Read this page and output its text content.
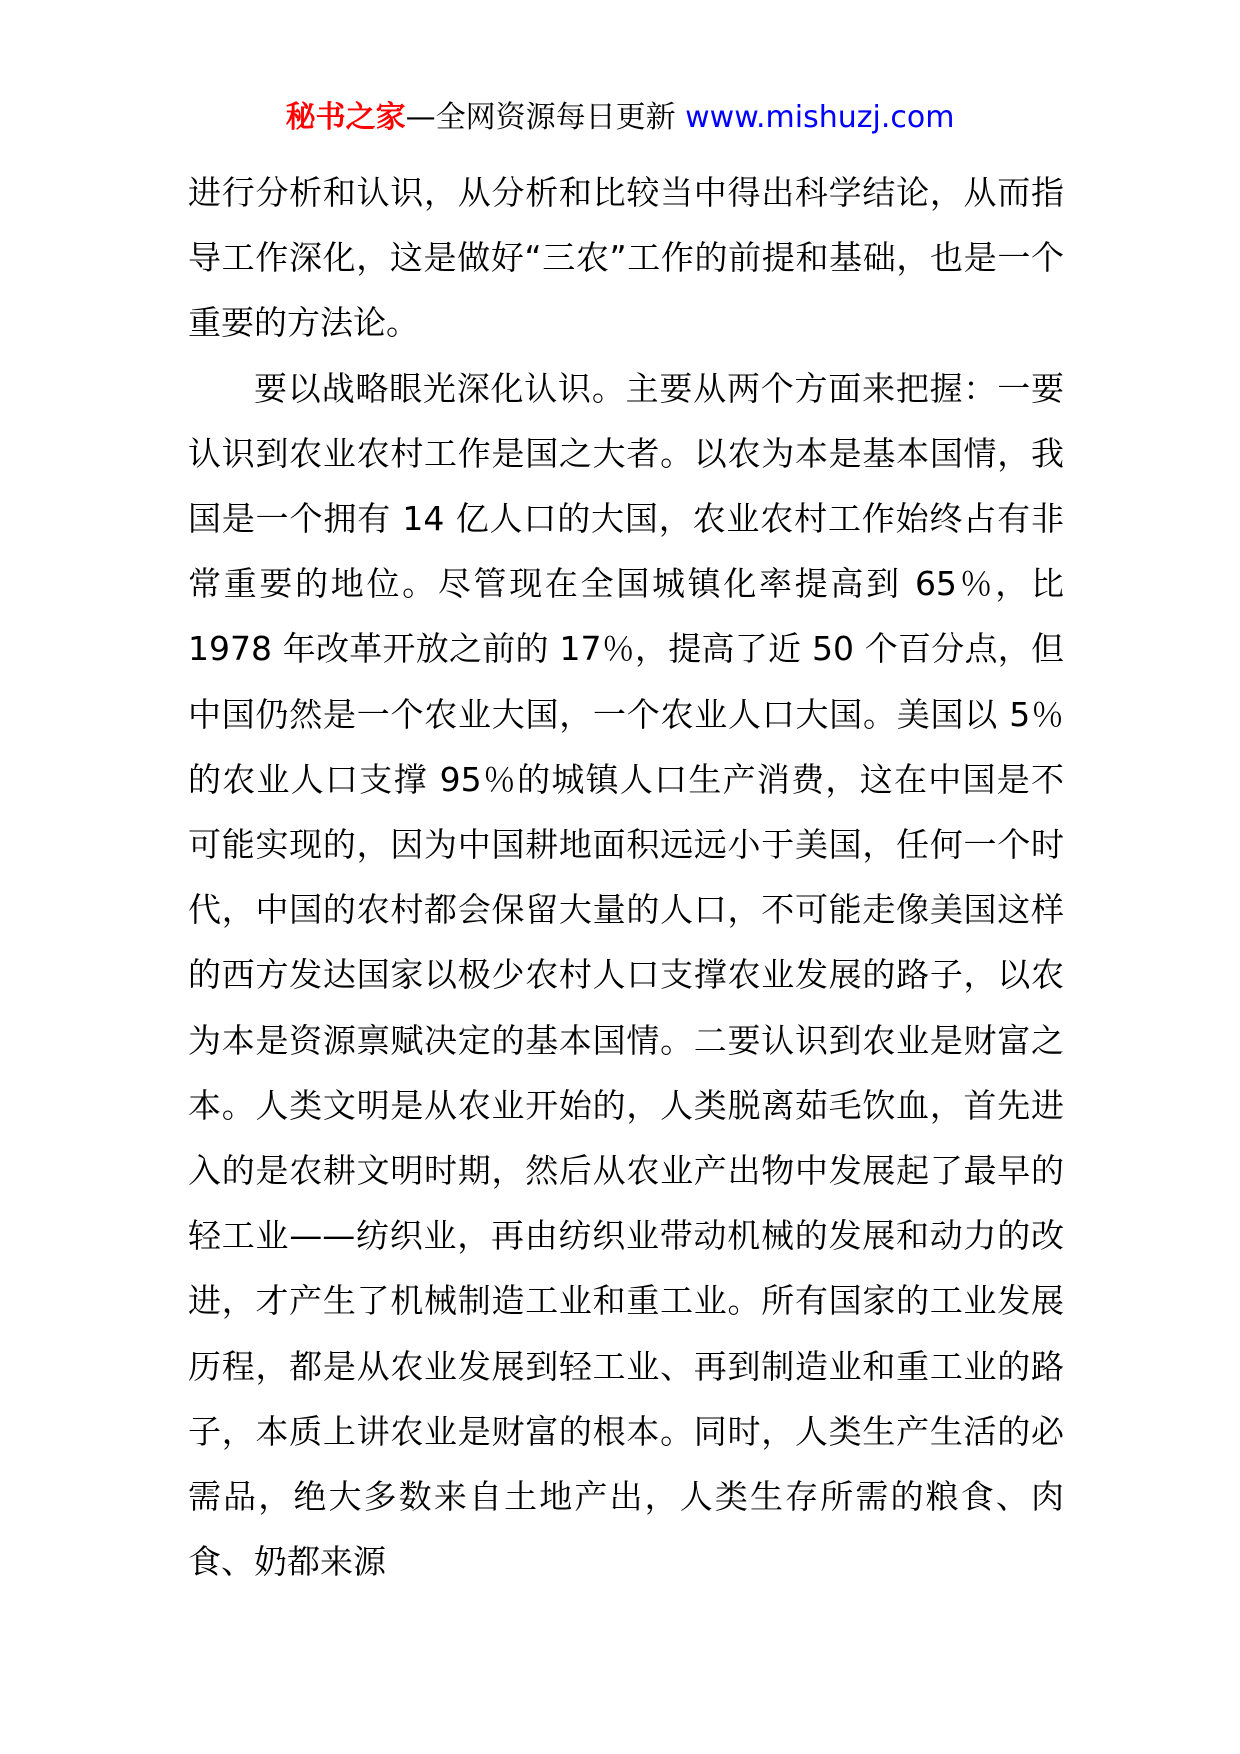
秘书之家—全网资源每日更新 www.mishuzj.com

进行分析和认识，从分析和比较当中得出科学结论，从而指导工作深化，这是做好“三农”工作的前提和基础，也是一个重要的方法论。

要以战略眼光深化认识。主要从两个方面来把握：一要认识到农业农村工作是国之大者。以农为本是基本国情，我国是一个拥有 14 亿人口的大国，农业农村工作始终占有非常重要的地位。尽管现在全国城镇化率提高到 65％，比 1978 年改革开放之前的 17％，提高了近 50 个百分点，但中国仍然是一个农业大国，一个农业人口大国。美国以 5％的农业人口支撑 95％的城镇人口生产消费，这在中国是不可能实现的，因为中国耕地面积远远小于美国，任何一个时代，中国的农村都会保留大量的人口，不可能走像美国这样的西方发达国家以极少农村人口支撑农业发展的路子，以农为本是资源禀赋决定的基本国情。二要认识到农业是财富之本。人类文明是从农业开始的，人类脱离茹毛饮血，首先进入的是农耕文明时期，然后从农业产出物中发展起了最早的轻工业——纺织业，再由纺织业带动机械的发展和动力的改进，才产生了机械制造工业和重工业。所有国家的工业发展历程，都是从农业发展到轻工业、再到制造业和重工业的路子，本质上讲农业是财富的根本。同时，人类生产生活的必需品，绝大多数来自土地产出，人类生存所需的粮食、肉食、奶都来源
